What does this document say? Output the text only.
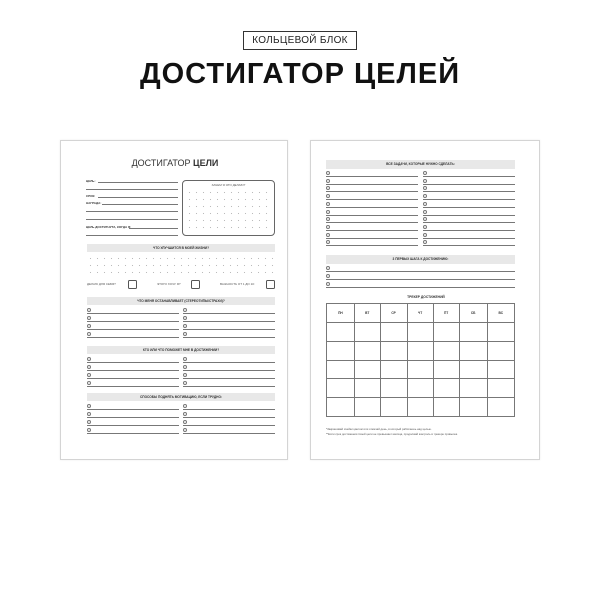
КОЛЬЦЕВОЙ БЛОК
ДОСТИГАТОР ЦЕЛЕЙ
ДОСТИГАТОР ЦЕЛИ
ЦЕЛЬ:
СРОК:
НАГРАДА:
ЦЕЛЬ ДОСТИГНУТА, КОГДА Я:
ЗАЧЕМ Я ЭТО ДЕЛАЮ?
ЧТО УЛУЧШИТСЯ В МОЕЙ ЖИЗНИ?
ДЕЛАЮ ДЛЯ СЕБЯ?	ЭТОГО ХОЧУ Я?	ВАЖНОСТЬ ОТ 1 ДО 10:
ЧТО МЕНЯ ОСТАНАВЛИВАЕТ (СТЕРЕОТИПЫ/СТРАХИ)?
КТО ИЛИ ЧТО ПОМОЖЕТ МНЕ В ДОСТИЖЕНИИ?
СПОСОБЫ ПОДНЯТЬ МОТИВАЦИЮ, ЕСЛИ ТРУДНО:
ВСЕ ЗАДАЧИ, КОТОРЫЕ НУЖНО СДЕЛАТЬ:
3 ПЕРВЫХ ШАГА К ДОСТИЖЕНИЮ:
ТРЕКЕР ДОСТИЖЕНИЙ
ПН	ВТ	СР	ЧТ	ПТ	СБ	ВС

*Закрашивай ячейки цветом или отмечай день, в который работаешь над целью.
**Если срок достижения твоей цели не превышает месяца, продолжай контроль в трекере привычек.
